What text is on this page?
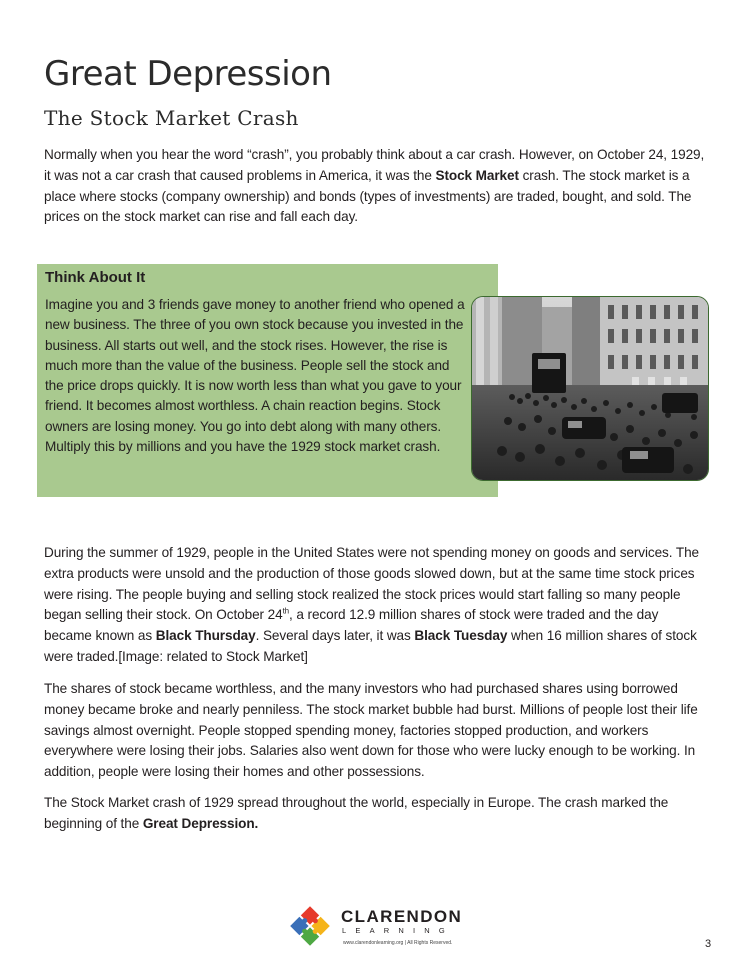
Great Depression
The Stock Market Crash

Normally when you hear the word “crash”, you probably think about a car crash. However, on October 24, 1929, it was not a car crash that caused problems in America, it was the Stock Market crash. The stock market is a place where stocks (company ownership) and bonds (types of investments) are traded, bought, and sold. The prices on the stock market can rise and fall each day.

Think About It

Imagine you and 3 friends gave money to another friend who opened a new business. The three of you own stock because you invested in the business. All starts out well, and the stock rises. However, the rise is much more than the value of the business. People sell the stock and the price drops quickly. It is now worth less than what you gave to your friend. It becomes almost worthless. A chain reaction begins. Stock owners are losing money. You go into debt along with many others. Multiply this by millions and you have the 1929 stock market crash.

During the summer of 1929, people in the United States were not spending money on goods and services. The extra products were unsold and the production of those goods slowed down, but at the same time stock prices were rising. The people buying and selling stock realized the stock prices would start falling so many people began selling their stock. On October 24th, a record 12.9 million shares of stock were traded and the day became known as Black Thursday. Several days later, it was Black Tuesday when 16 million shares of stock were traded.[Image: related to Stock Market]

The shares of stock became worthless, and the many investors who had purchased shares using borrowed money became broke and nearly penniless. The stock market bubble had burst. Millions of people lost their life savings almost overnight. People stopped spending money, factories stopped production, and workers everywhere were losing their jobs. Salaries also went down for those who were lucky enough to be working. In addition, people were losing their homes and other possessions.

The Stock Market crash of 1929 spread throughout the world, especially in Europe. The crash marked the beginning of the Great Depression.

CLARENDON
LEARNING
www.clarendonlearning.org | All Rights Reserved.	3
